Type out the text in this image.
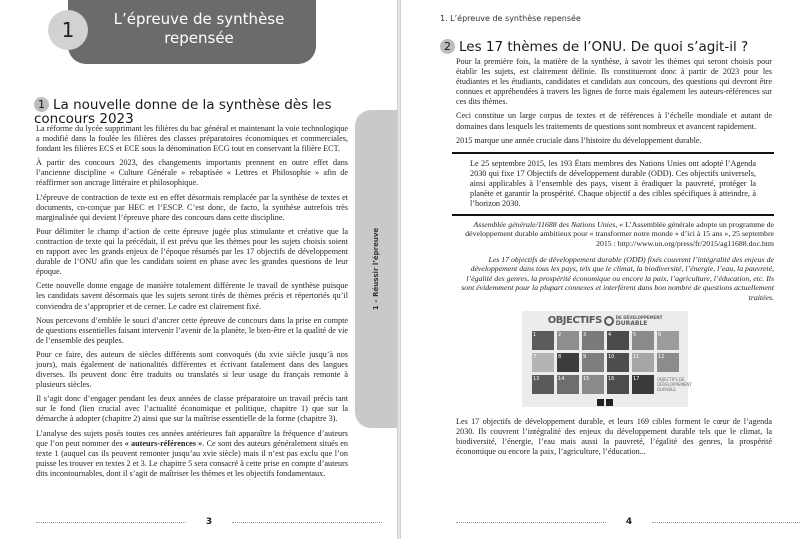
L’épreuve de synthèse repensée
1
1 La nouvelle donne de la synthèse dès les concours 2023

La réforme du lycée supprimant les filières du bac général et maintenant la voie technologique a modifié dans la foulée les filières des classes préparatoires économiques et commerciales, fondant les filières ECS et ECE sous la dénomination ECG tout en conservant la filière ECT.

À partir des concours 2023, des changements importants prennent en outre effet dans l’ancienne discipline « Culture Générale » rebaptisée « Lettres et Philosophie » afin de réaffirmer son ancrage littéraire et philosophique.

L’épreuve de contraction de texte est en effet désormais remplacée par la synthèse de textes et documents, co-conçue par HEC et l’ESCP. C’est donc, de facto, la synthèse autrefois très marginalisée qui devient l’épreuve phare des concours dans cette discipline.

Pour délimiter le champ d’action de cette épreuve jugée plus stimulante et créative que la contraction de texte qui la précédait, il est prévu que les thèmes pour les sujets choisis soient en rapport avec les grands enjeux de l’époque résumés par les 17 objectifs de développement durable de l’ONU afin que les candidats soient en phase avec les grandes questions de leur époque.

Cette nouvelle donne engage de manière totalement différente le travail de synthèse puisque les candidats savent désormais que les sujets seront tirés de thèmes précis et répertoriés qu’il conviendra de s’approprier et de cerner. Le cadre est clairement fixé.

Nous percevons d’emblée le souci d’ancrer cette épreuve de concours dans la prise en compte de questions essentielles faisant intervenir l’avenir de la planète, le bien-être et la qualité de vie de l’ensemble des peuples.

Pour ce faire, des auteurs de siècles différents sont convoqués (du xvie siècle jusqu’à nos jours), mais également de nationalités différentes et écrivant fatalement dans des langues diverses. Ils peuvent donc être traduits ou translatés si leur usage du français remonte à plusieurs siècles.

Il s’agit donc d’engager pendant les deux années de classe préparatoire un travail précis tant sur le fond (lien crucial avec l’actualité économique et politique, chapitre 1) que sur la démarche à adopter (chapitre 2) ainsi que sur la maîtrise essentielle de la forme (chapitre 3).

L’analyse des sujets posés toutes ces années antérieures fait apparaître la fréquence d’auteurs que l’on peut nommer des « auteurs-références ». Ce sont des auteurs généralement situés en texte 1 (auquel cas ils peuvent remonter jusqu’au xvie siècle) mais il n’est pas exclu que l’on puisse les trouver en textes 2 et 3. Le chapitre 5 sera consacré à cette prise en compte d’auteurs dits incontournables, dont il s’agit de maîtriser les thèmes et les objectifs fondamentaux.

1 – Réussir l’épreuve
3
1. L’épreuve de synthèse repensée
2 Les 17 thèmes de l’ONU. De quoi s’agit-il ?

Pour la première fois, la matière de la synthèse, à savoir les thèmes qui seront choisis pour établir les sujets, est clairement définie. Ils constitueront donc à partir de 2023 pour les étudiantes et les étudiants, candidates et candidats aux concours, des questions qui devront être connues et appréhendées à travers les lignes de force mais également les auteurs-références sur ces dits thèmes.

Ceci constitue un large corpus de textes et de références à l’échelle mondiale et autant de domaines dans lesquels les traitements de questions sont nombreux et avancent rapidement.

2015 marque une année cruciale dans l’histoire du développement durable.

Le 25 septembre 2015, les 193 États membres des Nations Unies ont adopté l’Agenda 2030 qui fixe 17 Objectifs de développement durable (ODD). Ces objectifs universels, ainsi applicables à l’ensemble des pays, visent à éradiquer la pauvreté, protéger la planète et garantir la prospérité. Chaque objectif a des cibles spécifiques à atteindre, à l’horizon 2030.
Assemblée générale/11688 des Nations Unies, « L’Assemblée générale adopte un programme de développement durable ambitieux pour « transformer notre monde » d’ici à 15 ans », 25 septembre 2015 : http://www.un.org/press/fr/2015/ag11688.doc.htm
Les 17 objectifs de développement durable (ODD) fixés couvrent l’intégralité des enjeux de développement dans tous les pays, tels que le climat, la biodiversité, l’énergie, l’eau, la pauvreté, l’égalité des genres, la prospérité économique ou encore la paix, l’agriculture, l’éducation, etc. Ils sont évidemment pour la plupart connexes et interfèrent dans bon nombre de questions actuellement traitées.
OBJECTIFS	DE DÉVELOPPEMENT
DURABLE
1	2	3	4	5	6
7	8	9	10	11	12
13	14	15	16	17	OBJECTIFS DE DÉVELOPPEMENT DURABLE

Les 17 objectifs de développement durable, et leurs 169 cibles forment le cœur de l’agenda 2030. Ils couvrent l’intégralité des enjeux du développement durable tels que le climat, la biodiversité, l’énergie, l’eau mais aussi la pauvreté, l’égalité des genres, la prospérité économique ou encore la paix, l’agriculture, l’éducation...

4
